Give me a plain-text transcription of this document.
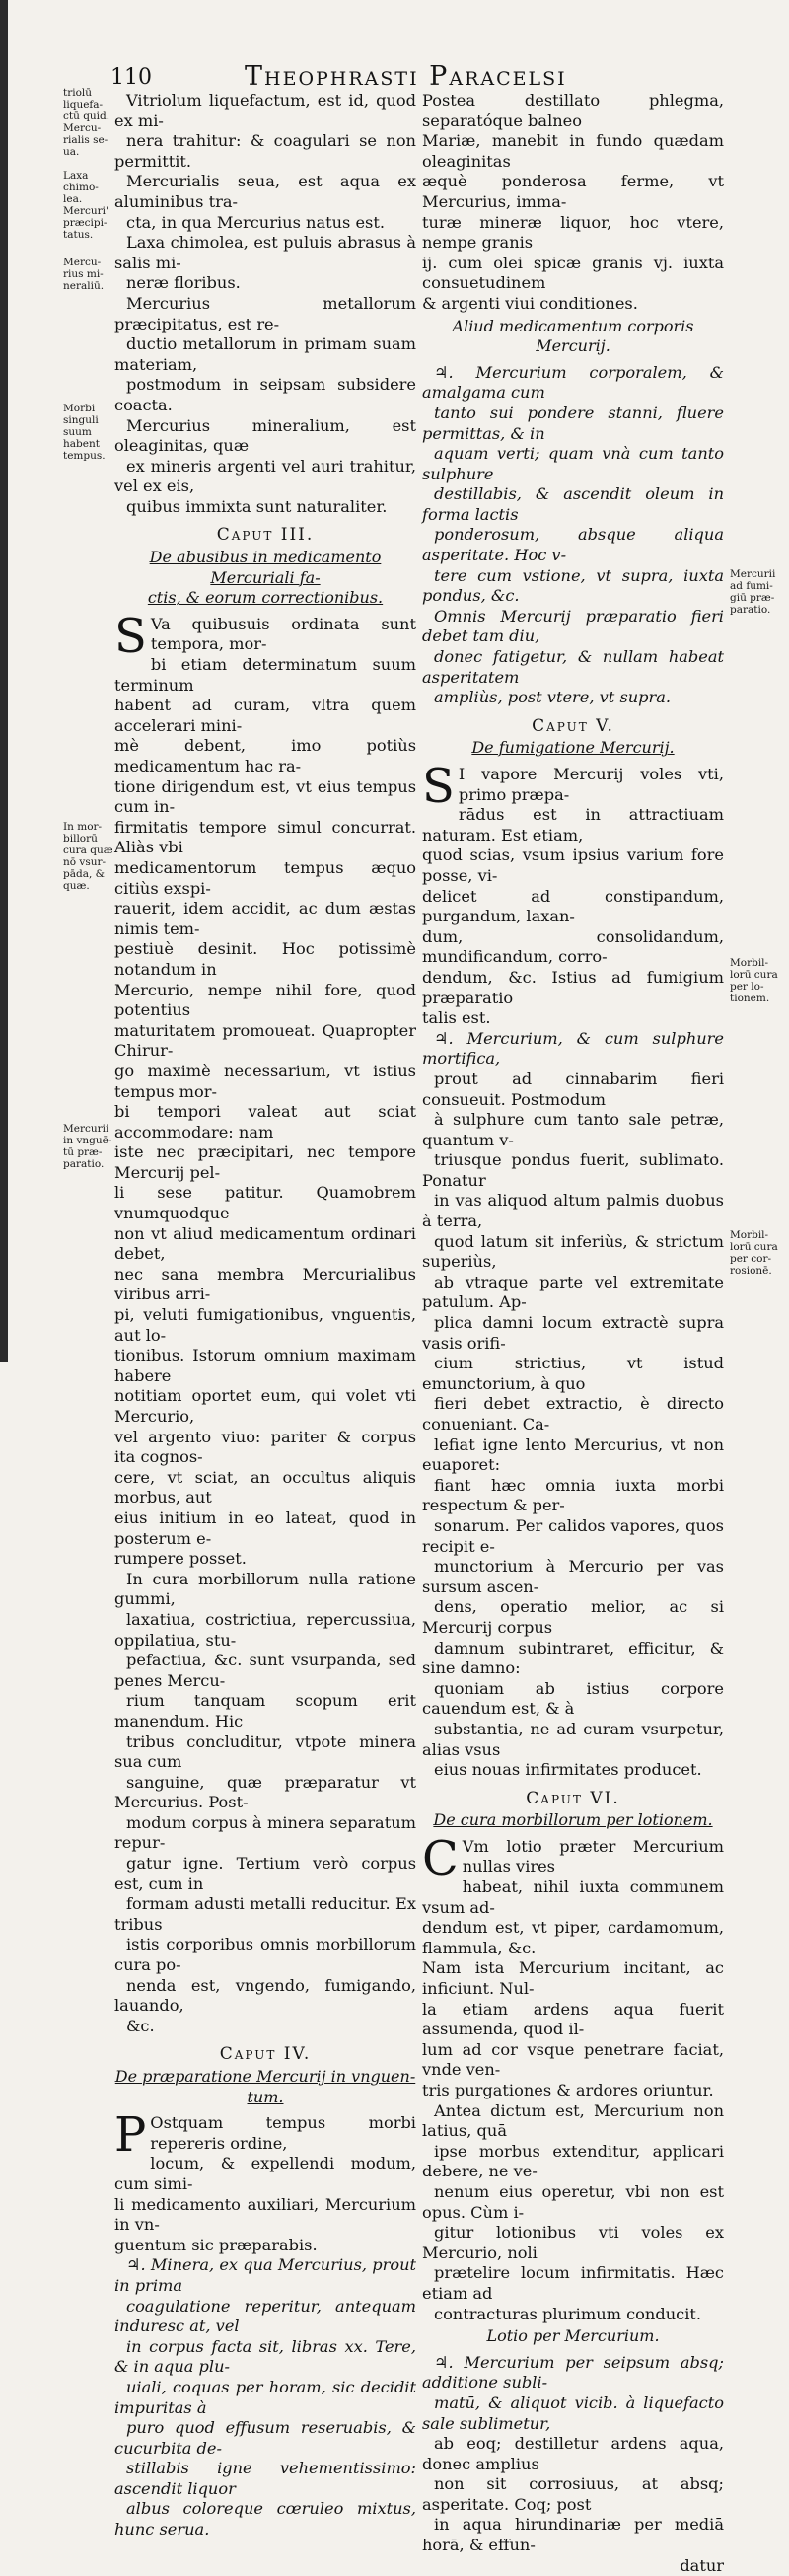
110	Theophrasti Paracelsi
triolū liquefa-ctū quid.
Mercu-rialis se-ua.
Laxa chimo-lea.
Mercuri' præcipi-tatus.
Mercu-rius mi-neraliū.
Morbi singuli suum habent tempus.
In mor-billorū cura quæ nō vsur-pāda, & quæ.
Mercurii in vnguē-tū præ-paratio.
Mercurii ad fumi-giū præ-paratio.
Morbil-lorū cura per lo-tionem.
Morbil-lorū cura per cor-rosionē.

Vitriolum liquefactum, est id, quod ex mi-
nera trahitur: & coagulari se non permittit.

Mercurialis seua, est aqua ex aluminibus tra-
cta, in qua Mercurius natus est.

Laxa chimolea, est puluis abrasus à salis mi-
neræ floribus.

Mercurius metallorum præcipitatus, est re-
ductio metallorum in primam suam materiam,
postmodum in seipsam subsidere coacta.

Mercurius mineralium, est oleaginitas, quæ
ex mineris argenti vel auri trahitur, vel ex eis,
quibus immixta sunt naturaliter.

Caput III.
De abusibus in medicamento Mercuriali fa-
ctis, & eorum correctionibus.

S Va quibusuis ordinata sunt tempora, mor-
bi etiam determinatum suum terminum
habent ad curam, vltra quem accelerari mini-
mè debent, imo potiùs medicamentum hac ra-
tione dirigendum est, vt eius tempus cum in-
firmitatis tempore simul concurrat. Aliàs vbi
medicamentorum tempus æquo citiùs exspi-
rauerit, idem accidit, ac dum æstas nimis tem-
pestiuè desinit. Hoc potissimè notandum in
Mercurio, nempe nihil fore, quod potentius
maturitatem promoueat. Quapropter Chirur-
go maximè necessarium, vt istius tempus mor-
bi tempori valeat aut sciat accommodare: nam
iste nec præcipitari, nec tempore Mercurij pel-
li sese patitur. Quamobrem vnumquodque
non vt aliud medicamentum ordinari debet,
nec sana membra Mercurialibus viribus arri-
pi, veluti fumigationibus, vnguentis, aut lo-
tionibus. Istorum omnium maximam habere
notitiam oportet eum, qui volet vti Mercurio,
vel argento viuo: pariter & corpus ita cognos-
cere, vt sciat, an occultus aliquis morbus, aut
eius initium in eo lateat, quod in posterum e-
rumpere posset.

In cura morbillorum nulla ratione gummi,
laxatiua, costrictiua, repercussiua, oppilatiua, stu-
pefactiua, &c. sunt vsurpanda, sed penes Mercu-
rium tanquam scopum erit manendum. Hic
tribus concluditur, vtpote minera sua cum
sanguine, quæ præparatur vt Mercurius. Post-
modum corpus à minera separatum repur-
gatur igne. Tertium verò corpus est, cum in
formam adusti metalli reducitur. Ex tribus
istis corporibus omnis morbillorum cura po-
nenda est, vngendo, fumigando, lauando,
&c.

Caput IV.
De præparatione Mercurij in vnguen-
tum.

P Ostquam tempus morbi repereris ordine,
locum, & expellendi modum, cum simi-
li medicamento auxiliari, Mercurium in vn-
guentum sic præparabis.

♃. Minera, ex qua Mercurius, prout in prima
coagulatione reperitur, antequam induresc at, vel
in corpus facta sit, libras xx. Tere, & in aqua plu-
uiali, coquas per horam, sic decidit impuritas à
puro quod effusum reseruabis, & cucurbita de-
stillabis igne vehementissimo: ascendit liquor
albus coloreque cœruleo mixtus, hunc serua.

Postea destillato phlegma, separatóque balneo
Mariæ, manebit in fundo quædam oleaginitas
æquè ponderosa ferme, vt Mercurius, imma-
turæ mineræ liquor, hoc vtere, nempe granis
ij. cum olei spicæ granis vj. iuxta consuetudinem
& argenti viui conditiones.

Aliud medicamentum corporis Mercurij.

♃. Mercurium corporalem, & amalgama cum
tanto sui pondere stanni, fluere permittas, & in
aquam verti; quam vnà cum tanto sulphure
destillabis, & ascendit oleum in forma lactis
ponderosum, absque aliqua asperitate. Hoc v-
tere cum vstione, vt supra, iuxta pondus, &c.
Omnis Mercurij præparatio fieri debet tam diu,
donec fatigetur, & nullam habeat asperitatem
ampliùs, post vtere, vt supra.

Caput V.
De fumigatione Mercurij.

S I vapore Mercurij voles vti, primo præpa-
rādus est in attractiuam naturam. Est etiam,
quod scias, vsum ipsius varium fore posse, vi-
delicet ad constipandum, purgandum, laxan-
dum, consolidandum, mundificandum, corro-
dendum, &c. Istius ad fumigium præparatio
talis est.

♃. Mercurium, & cum sulphure mortifica,
prout ad cinnabarim fieri consueuit. Postmodum
à sulphure cum tanto sale petræ, quantum v-
triusque pondus fuerit, sublimato. Ponatur
in vas aliquod altum palmis duobus à terra,
quod latum sit inferiùs, & strictum superiùs,
ab vtraque parte vel extremitate patulum. Ap-
plica damni locum extractè supra vasis orifi-
cium strictius, vt istud emunctorium, à quo
fieri debet extractio, è directo conueniant. Ca-
lefiat igne lento Mercurius, vt non euaporet:
fiant hæc omnia iuxta morbi respectum & per-
sonarum. Per calidos vapores, quos recipit e-
munctorium à Mercurio per vas sursum ascen-
dens, operatio melior, ac si Mercurij corpus
damnum subintraret, efficitur, & sine damno:
quoniam ab istius corpore cauendum est, & à
substantia, ne ad curam vsurpetur, alias vsus
eius nouas infirmitates producet.

Caput VI.
De cura morbillorum per lotionem.

C Vm lotio præter Mercurium nullas vires
habeat, nihil iuxta communem vsum ad-
dendum est, vt piper, cardamomum, flammula, &c.
Nam ista Mercurium incitant, ac inficiunt. Nul-
la etiam ardens aqua fuerit assumenda, quod il-
lum ad cor vsque penetrare faciat, vnde ven-
tris purgationes & ardores oriuntur.

Antea dictum est, Mercurium non latius, quā
ipse morbus extenditur, applicari debere, ne ve-
nenum eius operetur, vbi non est opus. Cùm i-
gitur lotionibus vti voles ex Mercurio, noli
prætelire locum infirmitatis. Hæc etiam ad
contracturas plurimum conducit.

Lotio per Mercurium.

♃. Mercurium per seipsum absq; additione subli-
matū, & aliquot vicib. à liquefacto sale sublimetur,
ab eoq; destilletur ardens aqua, donec amplius
non sit corrosiuus, at absq; asperitate. Coq; post
in aqua hirundinariæ per mediā horā, & effun-

datur
